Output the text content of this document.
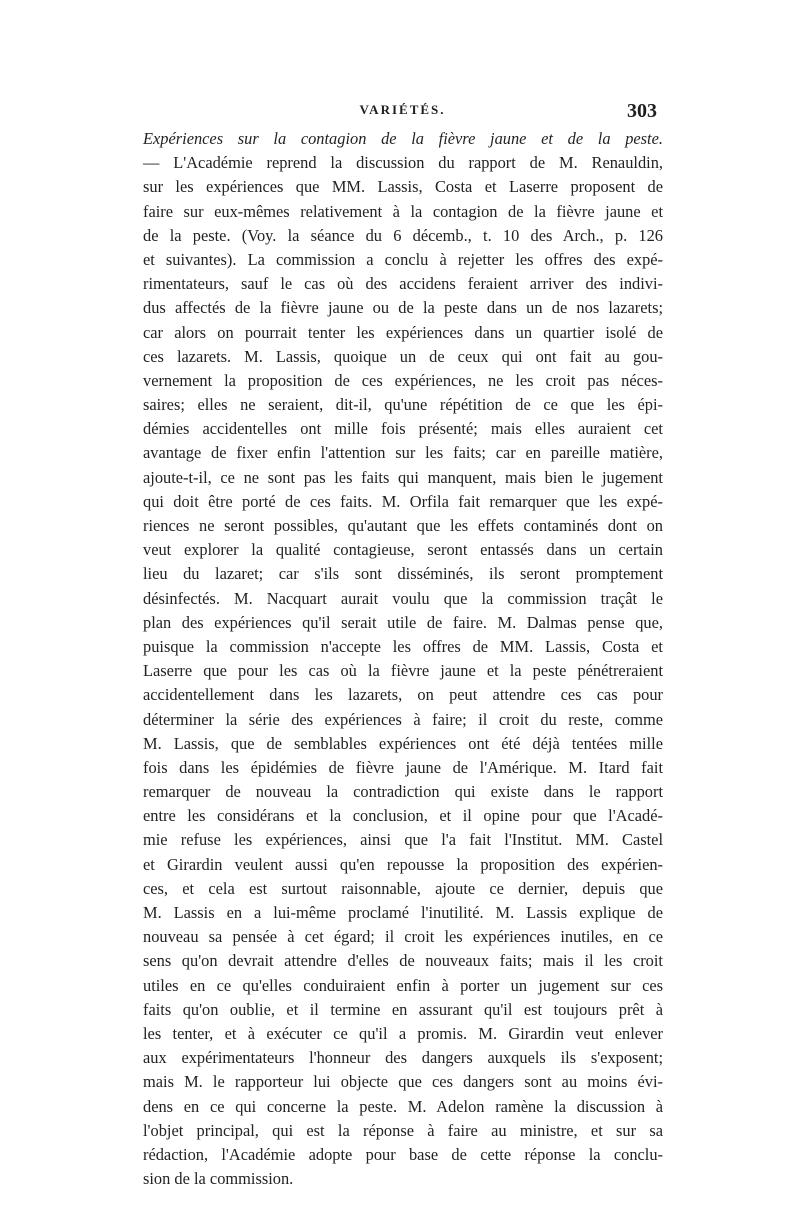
VARIÉTÉS.	303
Expériences sur la contagion de la fièvre jaune et de la peste.
— L'Académie reprend la discussion du rapport de M. Renauldin,
sur les expériences que MM. Lassis, Costa et Laserre proposent de
faire sur eux-mêmes relativement à la contagion de la fièvre jaune et
de la peste. (Voy. la séance du 6 décemb., t. 10 des Arch., p. 126
et suivantes). La commission a conclu à rejetter les offres des expé-
rimentateurs, sauf le cas où des accidens feraient arriver des indivi-
dus affectés de la fièvre jaune ou de la peste dans un de nos lazarets;
car alors on pourrait tenter les expériences dans un quartier isolé de
ces lazarets. M. Lassis, quoique un de ceux qui ont fait au gou-
vernement la proposition de ces expériences, ne les croit pas néces-
saires; elles ne seraient, dit-il, qu'une répétition de ce que les épi-
démies accidentelles ont mille fois présenté; mais elles auraient cet
avantage de fixer enfin l'attention sur les faits; car en pareille matière,
ajoute-t-il, ce ne sont pas les faits qui manquent, mais bien le jugement
qui doit être porté de ces faits. M. Orfila fait remarquer que les expé-
riences ne seront possibles, qu'autant que les effets contaminés dont on
veut explorer la qualité contagieuse, seront entassés dans un certain
lieu du lazaret; car s'ils sont disséminés, ils seront promptement
désinfectés. M. Nacquart aurait voulu que la commission traçât le
plan des expériences qu'il serait utile de faire. M. Dalmas pense que,
puisque la commission n'accepte les offres de MM. Lassis, Costa et
Laserre que pour les cas où la fièvre jaune et la peste pénétreraient
accidentellement dans les lazarets, on peut attendre ces cas pour
déterminer la série des expériences à faire; il croit du reste, comme
M. Lassis, que de semblables expériences ont été déjà tentées mille
fois dans les épidémies de fièvre jaune de l'Amérique. M. Itard fait
remarquer de nouveau la contradiction qui existe dans le rapport
entre les considérans et la conclusion, et il opine pour que l'Acadé-
mie refuse les expériences, ainsi que l'a fait l'Institut. MM. Castel
et Girardin veulent aussi qu'en repousse la proposition des expérien-
ces, et cela est surtout raisonnable, ajoute ce dernier, depuis que
M. Lassis en a lui-même proclamé l'inutilité. M. Lassis explique de
nouveau sa pensée à cet égard; il croit les expériences inutiles, en ce
sens qu'on devrait attendre d'elles de nouveaux faits; mais il les croit
utiles en ce qu'elles conduiraient enfin à porter un jugement sur ces
faits qu'on oublie, et il termine en assurant qu'il est toujours prêt à
les tenter, et à exécuter ce qu'il a promis. M. Girardin veut enlever
aux expérimentateurs l'honneur des dangers auxquels ils s'exposent;
mais M. le rapporteur lui objecte que ces dangers sont au moins évi-
dens en ce qui concerne la peste. M. Adelon ramène la discussion à
l'objet principal, qui est la réponse à faire au ministre, et sur sa
rédaction, l'Académie adopte pour base de cette réponse la conclu-
sion de la commission.
